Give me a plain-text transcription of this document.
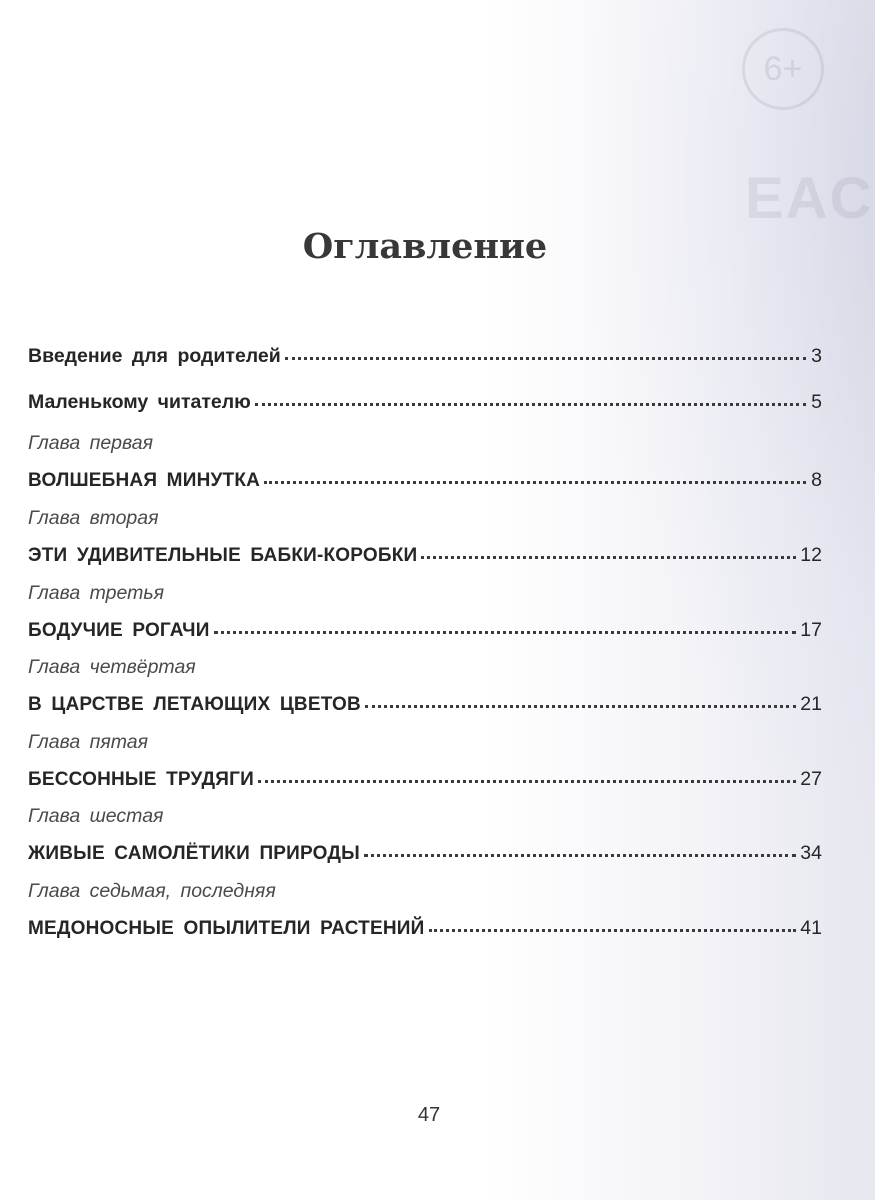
6+
EAC
Оглавление
Введение для родителей	3
Маленькому читателю	5
Глава первая
ВОЛШЕБНАЯ МИНУТКА	8
Глава вторая
ЭТИ УДИВИТЕЛЬНЫЕ БАБКИ-КОРОБКИ	12
Глава третья
БОДУЧИЕ РОГАЧИ	17
Глава четвёртая
В ЦАРСТВЕ ЛЕТАЮЩИХ ЦВЕТОВ	21
Глава пятая
БЕССОННЫЕ ТРУДЯГИ	27
Глава шестая
ЖИВЫЕ САМОЛЁТИКИ ПРИРОДЫ	34
Глава седьмая, последняя
МЕДОНОСНЫЕ ОПЫЛИТЕЛИ РАСТЕНИЙ	41
47
